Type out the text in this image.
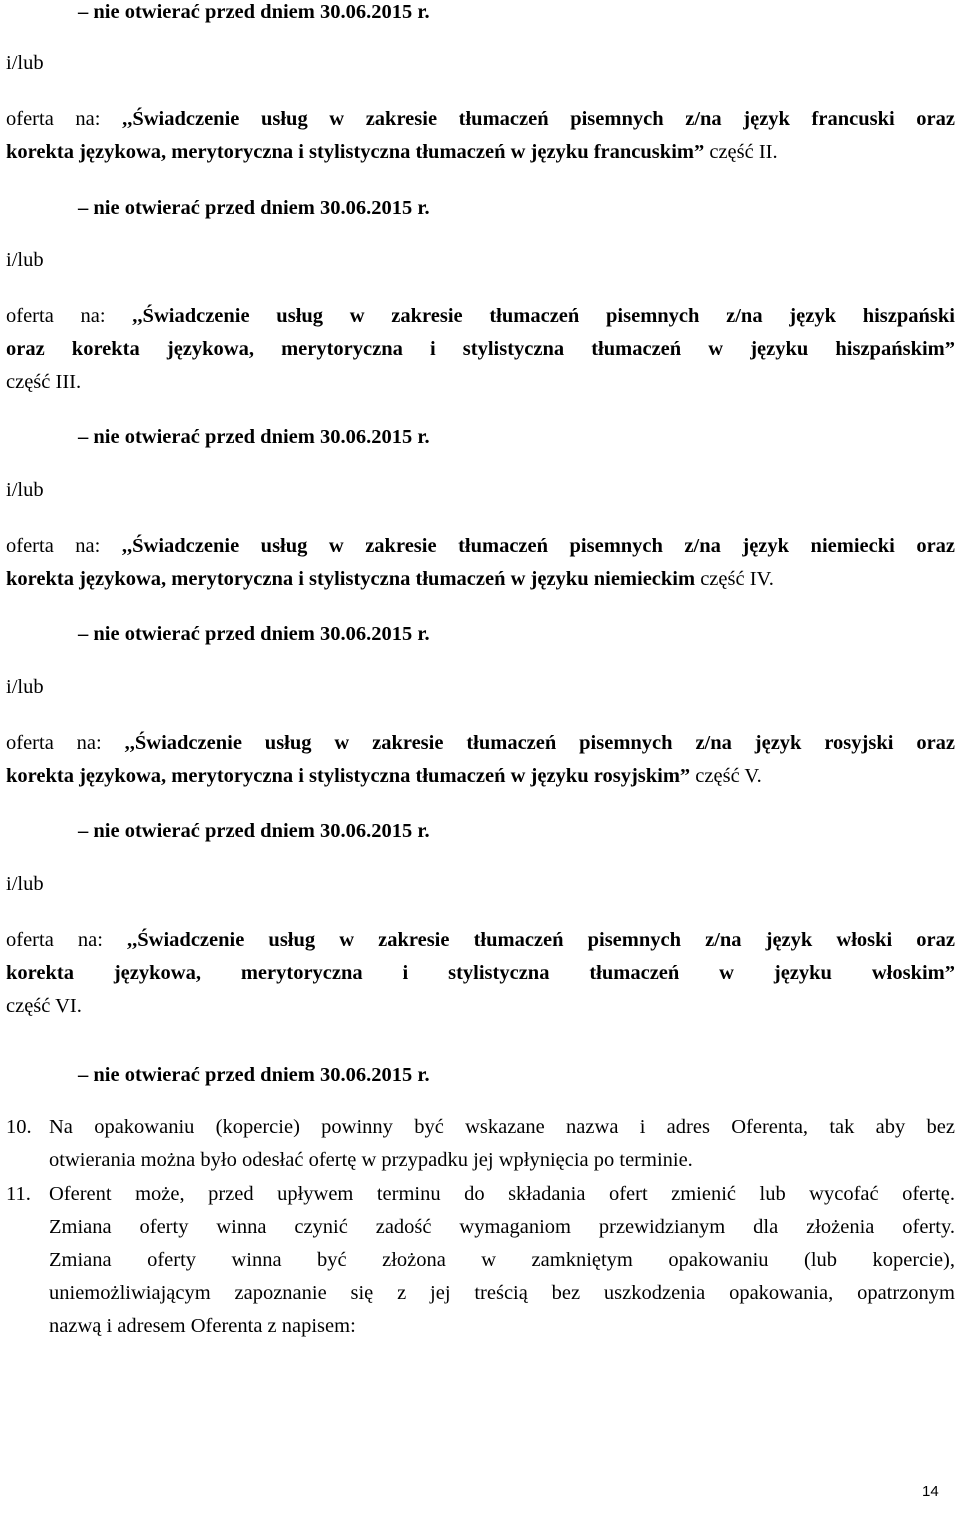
– nie otwierać przed dniem 30.06.2015 r.
i/lub
oferta na: ,,Świadczenie usług w zakresie tłumaczeń pisemnych z/na język francuski oraz
korekta językowa, merytoryczna i stylistyczna tłumaczeń w języku francuskim” część II.
– nie otwierać przed dniem 30.06.2015 r.
i/lub
oferta na: ,,Świadczenie usług w zakresie tłumaczeń pisemnych z/na język hiszpański
oraz korekta językowa, merytoryczna i stylistyczna tłumaczeń w języku hiszpańskim”
część III.
– nie otwierać przed dniem 30.06.2015 r.
i/lub
oferta na: ,,Świadczenie usług w zakresie tłumaczeń pisemnych z/na język niemiecki oraz
korekta językowa, merytoryczna i stylistyczna tłumaczeń w języku niemieckim część IV.
– nie otwierać przed dniem 30.06.2015 r.
i/lub
oferta na: ,,Świadczenie usług w zakresie tłumaczeń pisemnych z/na język rosyjski oraz
korekta językowa, merytoryczna i stylistyczna tłumaczeń w języku rosyjskim” część V.
– nie otwierać przed dniem 30.06.2015 r.
i/lub
oferta na: ,,Świadczenie usług w zakresie tłumaczeń pisemnych z/na język włoski oraz
korekta językowa, merytoryczna i stylistyczna tłumaczeń w języku włoskim”
część VI.
– nie otwierać przed dniem 30.06.2015 r.
10. Na opakowaniu (kopercie) powinny być wskazane nazwa i adres Oferenta, tak aby bez
otwierania można było odesłać ofertę w przypadku jej wpłynięcia po terminie.
11. Oferent może, przed upływem terminu do składania ofert zmienić lub wycofać ofertę.
Zmiana oferty winna czynić zadość wymaganiom przewidzianym dla złożenia oferty.
Zmiana oferty winna być złożona w zamkniętym opakowaniu (lub kopercie),
uniemożliwiającym zapoznanie się z jej treścią bez uszkodzenia opakowania, opatrzonym
nazwą i adresem Oferenta z napisem:
14
